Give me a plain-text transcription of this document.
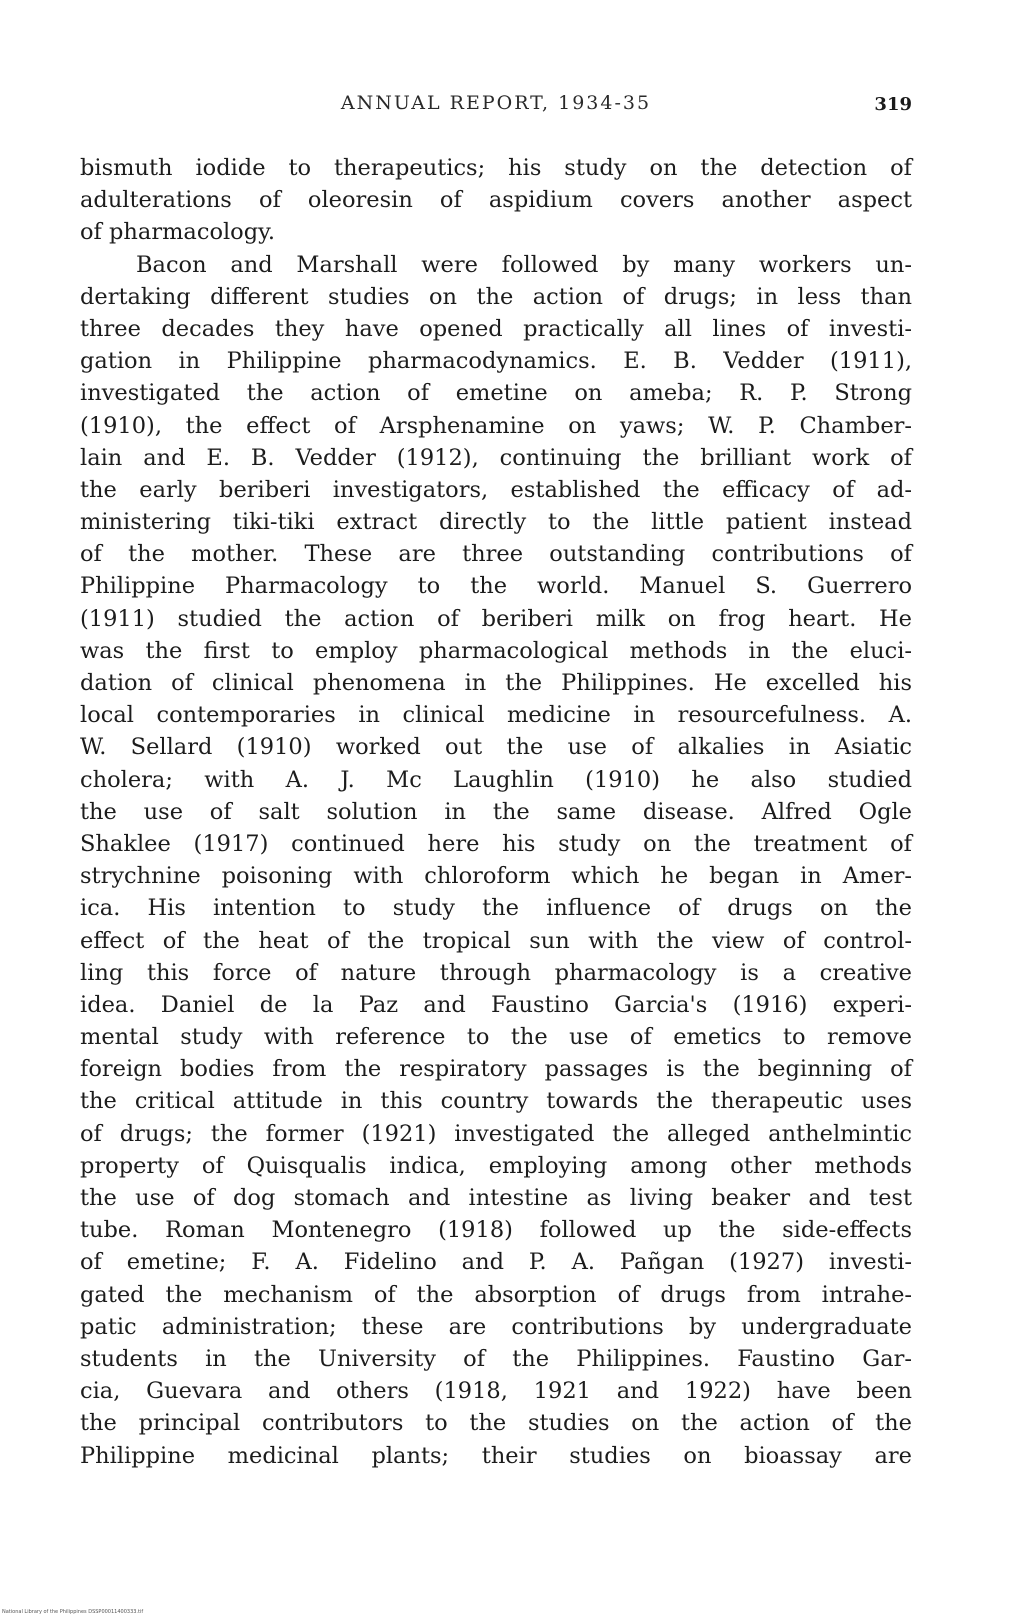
ANNUAL REPORT, 1934-35	319
bismuth iodide to therapeutics; his study on the detection of
adulterations of oleoresin of aspidium covers another aspect
of pharmacology.
Bacon and Marshall were followed by many workers un-
dertaking different studies on the action of drugs; in less than
three decades they have opened practically all lines of investi-
gation in Philippine pharmacodynamics. E. B. Vedder (1911),
investigated the action of emetine on ameba; R. P. Strong
(1910), the effect of Arsphenamine on yaws; W. P. Chamber-
lain and E. B. Vedder (1912), continuing the brilliant work of
the early beriberi investigators, established the efficacy of ad-
ministering tiki-tiki extract directly to the little patient instead
of the mother. These are three outstanding contributions of
Philippine Pharmacology to the world. Manuel S. Guerrero
(1911) studied the action of beriberi milk on frog heart. He
was the first to employ pharmacological methods in the eluci-
dation of clinical phenomena in the Philippines. He excelled his
local contemporaries in clinical medicine in resourcefulness. A.
W. Sellard (1910) worked out the use of alkalies in Asiatic
cholera; with A. J. Mc Laughlin (1910) he also studied
the use of salt solution in the same disease. Alfred Ogle
Shaklee (1917) continued here his study on the treatment of
strychnine poisoning with chloroform which he began in Amer-
ica. His intention to study the influence of drugs on the
effect of the heat of the tropical sun with the view of control-
ling this force of nature through pharmacology is a creative
idea. Daniel de la Paz and Faustino Garcia's (1916) experi-
mental study with reference to the use of emetics to remove
foreign bodies from the respiratory passages is the beginning of
the critical attitude in this country towards the therapeutic uses
of drugs; the former (1921) investigated the alleged anthelmintic
property of Quisqualis indica, employing among other methods
the use of dog stomach and intestine as living beaker and test
tube. Roman Montenegro (1918) followed up the side-effects
of emetine; F. A. Fidelino and P. A. Pañgan (1927) investi-
gated the mechanism of the absorption of drugs from intrahe-
patic administration; these are contributions by undergraduate
students in the University of the Philippines. Faustino Gar-
cia, Guevara and others (1918, 1921 and 1922) have been
the principal contributors to the studies on the action of the
Philippine medicinal plants; their studies on bioassay are
National Library of the Philippines DSSP00011400333.tif
